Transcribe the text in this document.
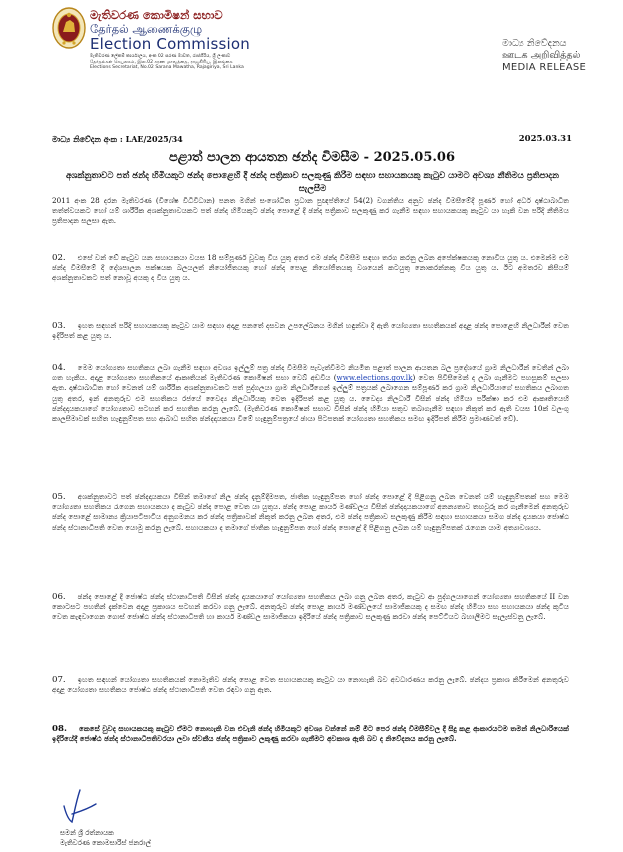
මැතිවරණ කොමිෂන් සභාව
தேர்தல் ஆணைக்குழு
Election Commission
මැතිවරණ ලේකම් කාර්යාලය, අංක 02 සරණ මාවත, රාජගිරිය, ශ්‍රී ලංකාව
தேர்தல்கள் செயலகம், இல.02 சரண மாவத்தை, ராஜகிரிய, இலங்கை
Elections Secretariat, No.02 Sarana Mawatha, Rajagiriya, Sri Lanka
මාධ්‍ය නිවේදනය
ஊடக அறிவித்தல்
MEDIA RELEASE
මාධ්‍ය නිවේදන අංක : LAE/2025/34	2025.03.31
පළාත් පාලන ආයතන ඡන්ද විමසීම - 2025.05.06
අශක්නුතාවට පත් ඡන්ද හිමියකුට ඡන්ද පොළෙහි දී ඡන්ද පත්‍රිකාව සලකුණු කිරීම සඳහා සහායකයකු කැටුව යාමට අවශ්‍ය නීතිමය ප්‍රතිපාදන සැලසීම
2011 අංක 28 දරන මැතිවරණ (විශේෂ විධිවිධාන) පනත මගින් සංශෝධිත ප්‍රධාන පුඥප්තියේ 54(2) වගන්තිය අනුව ඡන්ද විමසීමේදී පූර්ණ හෝ අර්ධ දෘෂ්ඨාබාධිත තත්ත්වයකට හෝ යම් ශාරීරික අශක්නුතාවයකට පත් ඡන්ද හිමියකුට ඡන්ද පොළේ දී ඡන්ද පත්‍රිකාව සලකුණු කර ගැනීම සඳහා සහායකයකු කැටුව යා හැකි වන පරිදි නීතිමය ප්‍රතිපාදන සලසා ඇත.
02. එසේ වන් ඩේ කැටුව යන සහායකයා වයස 18 සම්පූර්ණ වූවකු විය යුතු අතර එම ඡන්ද විමසීම සඳහා තරග කරනු ලබන අපේක්ෂකයකු නොවිය යුතු ය. එමෙන්ම එම ඡන්ද විමසීමේ දී දේශපාලන පක්ෂයක බලයලත් නියෝජිතයකු හෝ ඡන්ද පොළ නියෝජිතයකු වශයෙන් කටයුතු නොකරන්නකු විය යුතු ය. ඊට අමතරව කිසියම් අශක්නුතාවකට පත් නොවූ අයකු ද විය යුතු ය.
03. ඉහත සඳහන් පරිදි සහායකයකු කැටුව යාම සඳහා අදාළ පනතේ දසවන උපලේඛනය මගින් හඳුන්වා දී ඇති යෝග්‍යතා සහතිකයක් අදාළ ඡන්ද පොළෙහි නිලධාරීන් වෙත ඉදිරිපත් කළ යුතු ය.
04. මෙම යෝග්‍යතා සහතිකය ලබා ගැනීම සඳහා අවශ්‍ය ඉල්ලුම් පත්‍ර ඡන්ද විමසීම පැවැත්වීමට නියමිත පළාත් පාලන ආයතන බල ප්‍රදේශයේ ග්‍රාම නිලධාරීන් වෙතින් ලබා ගත හැකිය. අදාළ යෝග්‍යතා සහතිකයේ ආකෘතියක් මැතිවරණ කොමිෂන් සභා වෙබ් අඩවිය (www.elections.gov.lk) වෙත පිවිසීමෙන් ද ලබා ගැනීමට පහසුකම් සලසා ඇත. දෘෂ්ඨාබාධිත හෝ වෙනත් යම් ශාරීරික අශක්නුතාවකට පත් පුද්ගලයා ග්‍රාම නිලධාරීගෙන් ඉල්ලුම් පත්‍රයක් ලබාගෙන සම්පූර්ණ කර ග්‍රාම නිලධාරියාගේ සහතිකය ලබාගත යුතු අතර, ඉන් අනතුරුව එම සහතිකය රජයේ වෛද්‍ය නිලධාරියකු වෙත ඉදිරිපත් කළ යුතු ය. වෛද්‍ය නිලධාරී විසින් ඡන්ද හිමියා පරීක්ෂා කර එම ආකෘතියෙහි ඡන්දදායකයාගේ යෝග්‍යතාව සටහන් කර සහතික කරනු ලැබේ. (මැතිවරණ කොමිෂන් සභාව විසින් ඡන්ද හිමියා සතුව තබාගැනීම සඳහා නිකුත් කර ඇති වයස 10ක් වලංගු කාලසීමාවක් සහිත හැඳුනුම්පත සහ ආබාධ සහිත ඡන්දදායකයා වීමේ හැඳුනුම්පත්‍රයේ ඡායා පිටපතක් යෝග්‍යතා සහතිකය සමඟ ඉදිරිපත් කිරීම ප්‍රමාණවත් වේ).
05. අශක්නුතාවට පත් ඡන්දදායකයා විසින් තමාගේ නිල ඡන්ද දැනුම්දීමපත, ජාතික හැඳුනුම්පත හෝ ඡන්ද පොළේ දී පිළිගනු ලබන වෙනත් යම් හැඳුනුම්පතක් සහ මෙම යෝග්‍යතා සහතිකය රැගෙන සහායකයා ද කැටුව ඡන්ද පොළ වෙත යා යුතුය. ඡන්ද පොළ කාර්ය මණ්ඩලය විසින් ඡන්දදායකයාගේ අනන්‍යතාව තහවුරු කර ගැනීමෙන් අනතුරුව ඡන්ද පොළේ සාමාන්‍ය ක්‍රියාපටිපාටිය අනුගමනය කර ඡන්ද පත්‍රිකාවක් නිකුත් කරනු ලබන අතර, එම ඡන්ද පත්‍රිකාව සලකුණු කිරීම සඳහා සහායකයා සමග ඡන්ද දායකයා ජොෂ්ඨ ඡන්ද ස්ථානාධිපති වෙත යොමු කරනු ලැබේ. සහායකයා ද තමාගේ ජාතික හැඳුනුම්පත හෝ ඡන්ද පොළේ දී පිළිගනු ලබන යම් හැඳුනුම්පතක් රැගෙන යාම අත්‍යාවශ්‍යය.
06. ඡන්ද පොළේ දී ජොෂ්ඨ ඡන්ද ස්ථානාධිපති විසින් ඡන්ද දායකයාගේ යෝග්‍යතා සහතිකය ලබා ගනු ලබන අතර, කැටුව ආ පුද්ගලයාගෙන් යෝග්‍යතා සහතිකයේ II වන කොටසට පහතින් දැක්වෙන අදාළ ප්‍රකාශය සටහන් කරවා ගනු ලැබේ. අනතුරුව ඡන්ද පොළ කාර්ය මණ්ඩලයේ සාමාජිකයකු ද සමඟ ඡන්ද හිමියා සහ සහායකයා ඡන්ද කුටිය වෙත කැඳවාගෙන ගොස් ජොෂ්ඨ ඡන්ද ස්ථානාධිපති හා කාර්ය මණ්ඩල සාමාජිකයා ඉදිරියේ ඡන්ද පත්‍රිකාව සලකුණු කරවා ඡන්ද පෙට්ටියට බහාලීමට සැලැස්වනු ලැබේ.
07. ඉහත සඳහන් යෝග්‍යතා සහතිකයක් නොමැතිව ඡන්ද පොළ වෙත සහායකයකු කැටුව යා නොහැකි බව අවධාරණය කරනු ලැබේ. ඡන්දය ප්‍රකාශ කිරීමෙන් අනතුරුව අදාළ යෝග්‍යතා සහතිකය ජොෂ්ඨ ඡන්ද ස්ථානාධිපති වෙත රඳවා ගනු ඇත.
08. කෙසේ වුවද සහායකයකු කැටුව ඒමට නොහැකි වන එවැනි ඡන්ද හිමියකුට අවශ්‍ය වන්නේ නම් මීට පෙර ඡන්ද විමසීම්වල දී සිදු කළ ආකාරයටම තමන් නිලධාරියෙක් ඉදිරියේදී ජොෂ්ඨ ඡන්ද ස්ථානාධිපතිවරයා ලවා ස්වකීය ඡන්ද පත්‍රිකාව ලකුණු කරවා ගැනීමට අවකාශ ඇති බව ද නිවේදනය කරනු ලැබේ.
සමන් ශ්‍රී රත්නායක
මැතිවරණ කොමසාරිස් ජනරාල්
